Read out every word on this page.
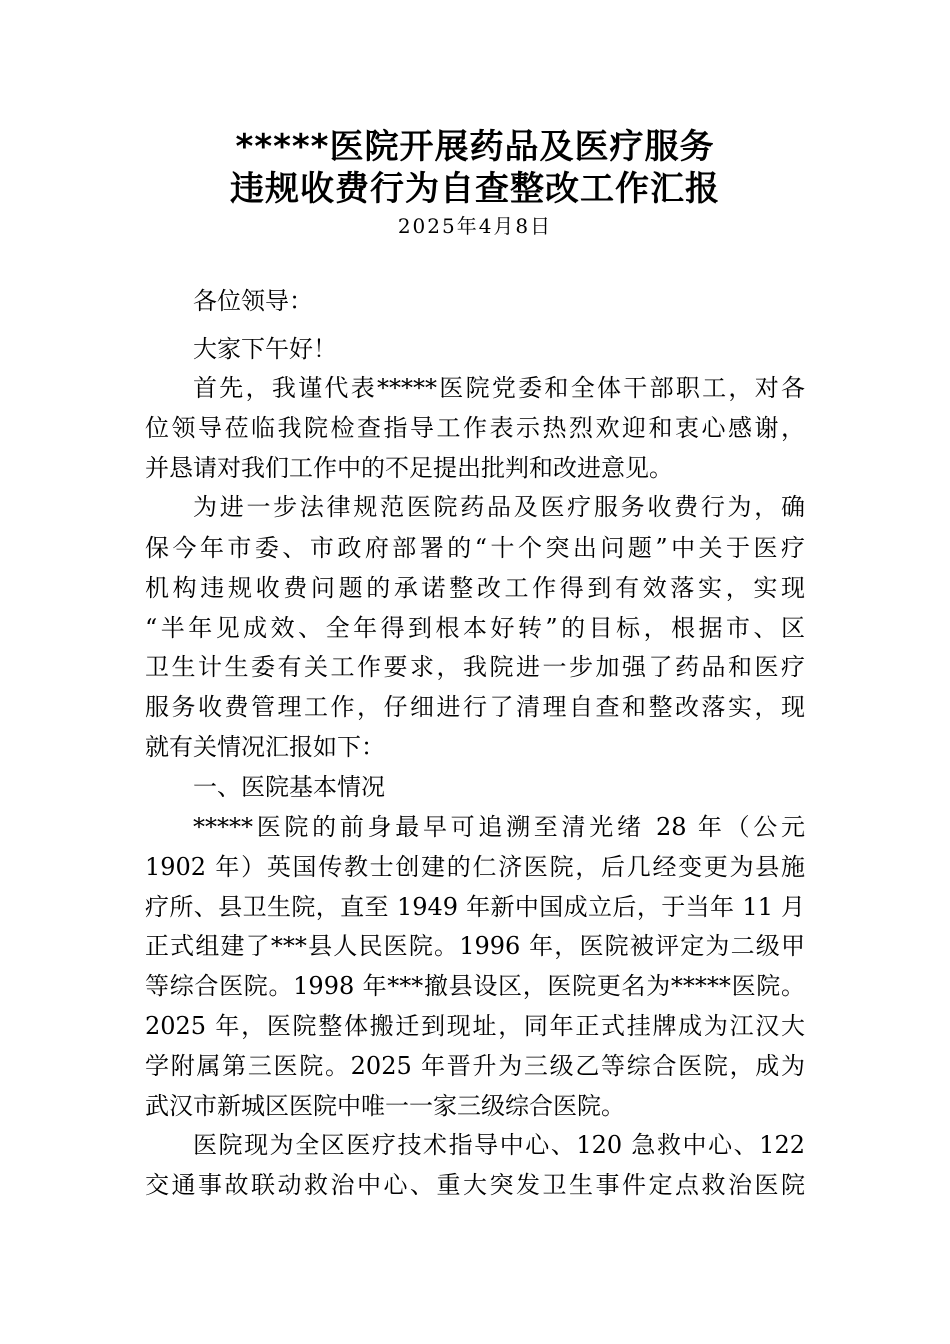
*****医院开展药品及医疗服务
违规收费行为自查整改工作汇报
2025年4月8日
各位领导：
大家下午好！
首先，我谨代表*****医院党委和全体干部职工，对各
位领导莅临我院检查指导工作表示热烈欢迎和衷心感谢，
并恳请对我们工作中的不足提出批判和改进意见。
为进一步法律规范医院药品及医疗服务收费行为，确
保今年市委、市政府部署的“十个突出问题”中关于医疗
机构违规收费问题的承诺整改工作得到有效落实，实现
“半年见成效、全年得到根本好转”的目标，根据市、区
卫生计生委有关工作要求，我院进一步加强了药品和医疗
服务收费管理工作，仔细进行了清理自查和整改落实，现
就有关情况汇报如下：
一、医院基本情况
*****医院的前身最早可追溯至清光绪 28 年（公元
1902 年）英国传教士创建的仁济医院，后几经变更为县施
疗所、县卫生院，直至 1949 年新中国成立后，于当年 11 月
正式组建了***县人民医院。1996 年，医院被评定为二级甲
等综合医院。1998 年***撤县设区，医院更名为*****医院。
2025 年，医院整体搬迁到现址，同年正式挂牌成为江汉大
学附属第三医院。2025 年晋升为三级乙等综合医院，成为
武汉市新城区医院中唯一一家三级综合医院。
医院现为全区医疗技术指导中心、120 急救中心、122
交通事故联动救治中心、重大突发卫生事件定点救治医院
